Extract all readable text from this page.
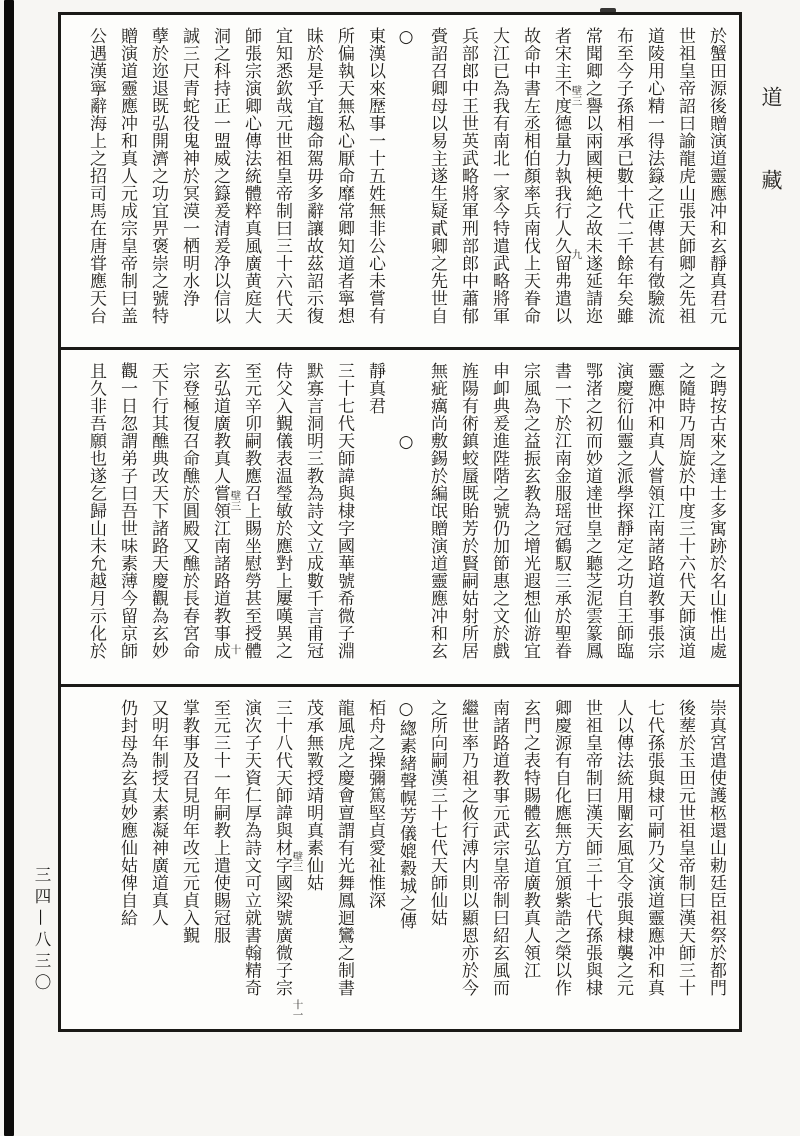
於蟹田源後贈演道靈應冲和玄靜真君元
世祖皇帝詔曰諭龍虎山張天師卿之先祖
道陵用心精一得法籙之正傳甚有徵驗流
布至今子孫相承已數十代二千餘年矣雖
常聞卿之譽以兩國梗絶之故未遂延請迩
壁三
九
者宋主不度德量力執我行人久留弗遣以
故命中書左丞相伯顏率兵南伐上天眷命
大江已為我有南北一家今特遣武略將軍
兵部郎中王世英武略將軍刑部郎中蕭郁
賫詔召卿母以易主遂生疑貳卿之先世自
○
東漢以來歷事一十五姓無非公心未嘗有
所偏執天無私心厭命靡常卿知道者寧想
昧於是乎宜趨命駕毋多辭讓故茲詔示復
宜知悉欽哉元世祖皇帝制曰三十六代天
師張宗演卿心傳法統體粹真風廣黄庭大
洞之科持正一盟威之籙爰清爰净以信以
誠三尺青蛇役鬼神於冥漠一栖明水浄
孽於迩退既弘開濟之功宜畀褒崇之號特
贈演道靈應冲和真人元成宗皇帝制曰盖
公遇漢寧辭海上之招司馬在唐甞應天台
之聘按古來之達士多寓跡於名山惟出處
之隨時乃周旋於中度三十六代天師演道
靈應冲和真人嘗領江南諸路道教事張宗
演慶衍仙靈之派學探靜定之功自王師臨
鄂渚之初而妙道達世皇之聽芝泥雲篆鳳
書一下於江南金服瑶冠鶴馭三承於聖眷
宗風為之益振玄教為之增光遐想仙游宜
申卹典爰進陛階之號仍加節惠之文於戲
旌陽有術鎮蛟蜃既貽芳於賢嗣姑射所居
無疵癘尚敷錫於編氓贈演道靈應冲和玄
　　　　○
靜真君
三十七代天師諱與棣字國華號希微子淵
默寡言洞明三教為詩文立成數千言甫冠
侍父入覲儀表温瑩敏於應對上屢嘆異之
至元辛卯嗣教應召上賜坐慰勞甚至授體
壁三
十
玄弘道廣教真人嘗領江南諸路道教事成
宗登極復召命醮於圓殿又醮於長春宮命
天下行其醮典改天下諸路天慶觀為玄妙
觀一日忽謂弟子曰吾世味素薄今留京師
且久非吾願也遂乞歸山未允越月示化於
崇真宮遣使護柩還山勅廷臣祖祭於都門
後塟於玉田元世祖皇帝制曰漢天師三十
七代孫張與棣可嗣乃父演道靈應冲和真
人以傳法統用闡玄風宜令張與棣襲之元
世祖皇帝制曰漢天師三十七代孫張與棣
卿慶源有自化應無方宜頒紫誥之榮以作
玄門之表特賜體玄弘道廣教真人領江
南諸路道教事元武宗皇帝制曰紹玄風而
繼世率乃祖之攸行溥内則以顯恩亦於今
之所向嗣漢三十七代天師仙姑
○緫素緒聲幌芳儀媲縠城之傳
栢舟之操彌篤堅貞愛祉惟深
龍風虎之慶會亶謂有光舞鳳迴鸞之制書
茂承無斁授靖明真素仙姑
壁三
十一
三十八代天師諱與材字國梁號廣微子宗
演次子天資仁厚為詩文可立就書翰精奇
至元三十一年嗣教上遣使賜冠服
掌教事及召見明年改元元貞入覲
又明年制授太素凝神廣道真人
仍封母為玄真妙應仙姑俾自給
道藏
三四—八三〇
